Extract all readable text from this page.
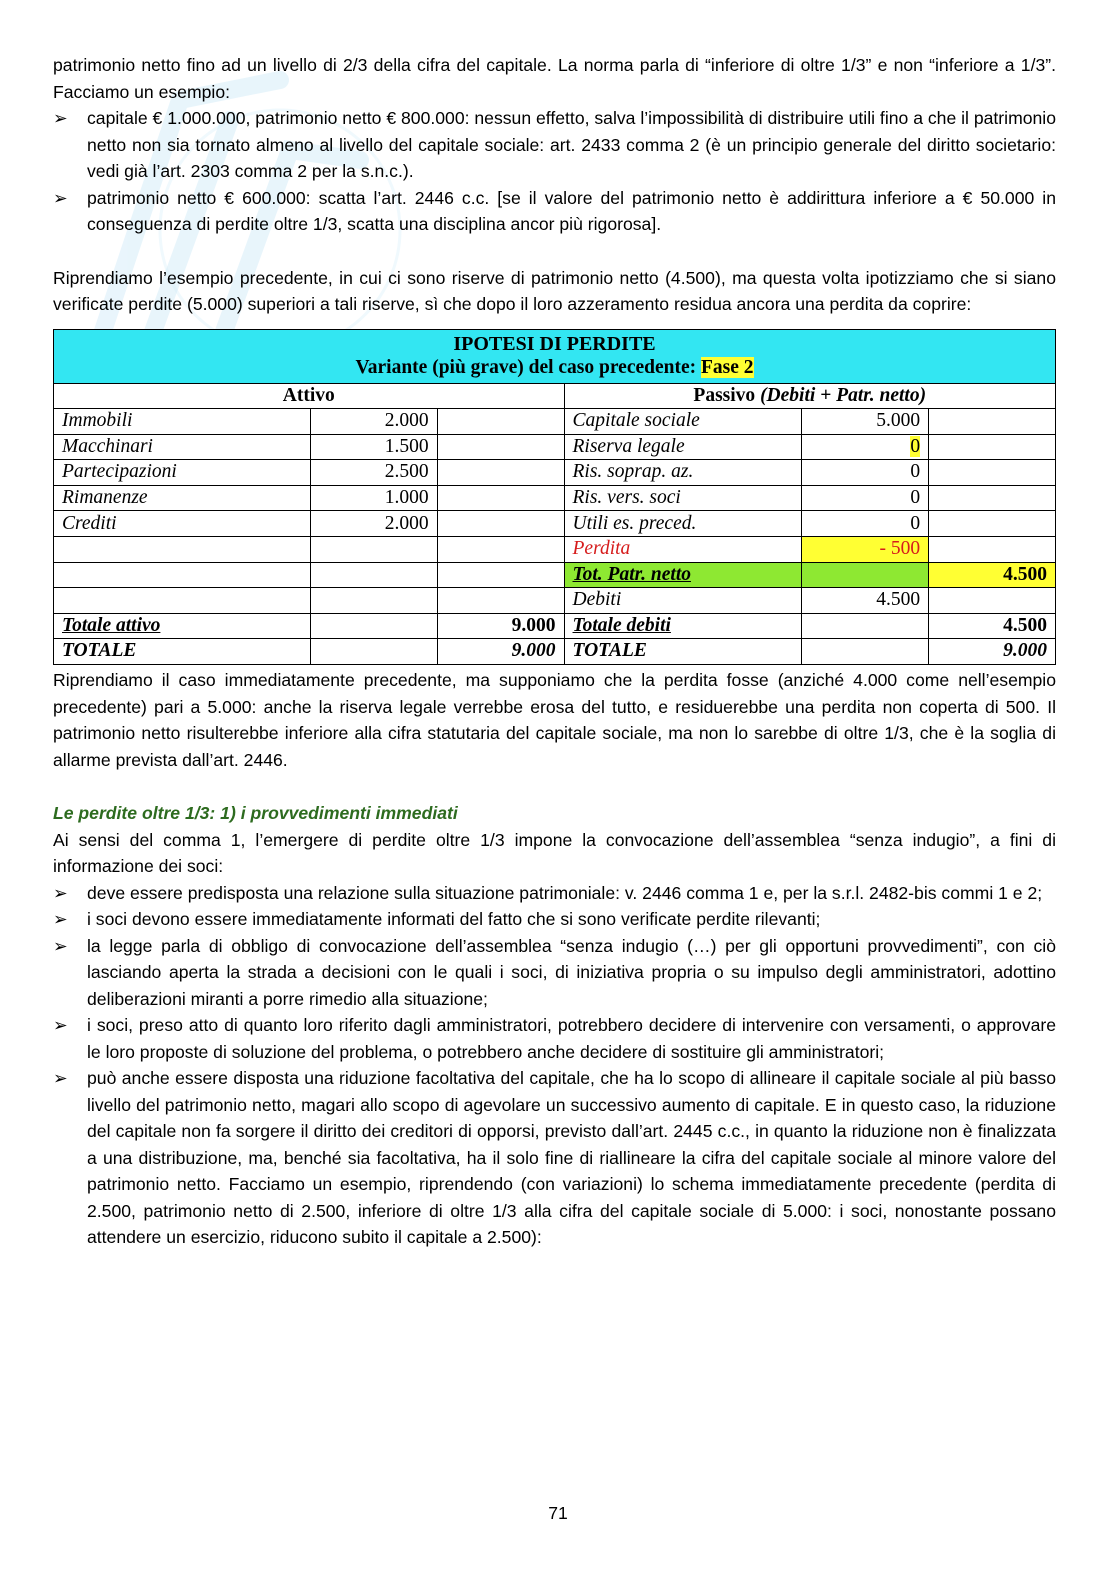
patrimonio netto fino ad un livello di 2/3 della cifra del capitale. La norma parla di “inferiore di oltre 1/3” e non “inferiore a 1/3”. Facciamo un esempio:

➢ capitale € 1.000.000, patrimonio netto € 800.000: nessun effetto, salva l’impossibilità di distribuire utili fino a che il patrimonio netto non sia tornato almeno al livello del capitale sociale: art. 2433 comma 2 (è un principio generale del diritto societario: vedi già l’art. 2303 comma 2 per la s.n.c.).
➢ patrimonio netto € 600.000: scatta l’art. 2446 c.c. [se il valore del patrimonio netto è addirittura inferiore a € 50.000 in conseguenza di perdite oltre 1/3, scatta una disciplina ancor più rigorosa].

Riprendiamo l’esempio precedente, in cui ci sono riserve di patrimonio netto (4.500), ma questa volta ipotizziamo che si siano verificate perdite (5.000) superiori a tali riserve, sì che dopo il loro azzeramento residua ancora una perdita da coprire:

IPOTESI DI PERDITE
Variante (più grave) del caso precedente: Fase 2					

Attivo			Passivo (Debiti + Patr. netto)		
Immobili	2.000		Capitale sociale	5.000	
Macchinari	1.500		Riserva legale	0	
Partecipazioni	2.500		Ris. soprap. az.	0	
Rimanenze	1.000		Ris. vers. soci	0	
Crediti	2.000		Utili es. preced.	0	
			Perdita	- 500	
			Tot. Patr. netto		4.500
			Debiti	4.500	
Totale attivo		9.000	Totale debiti		4.500
TOTALE		9.000	TOTALE		9.000

Riprendiamo il caso immediatamente precedente, ma supponiamo che la perdita fosse (anziché 4.000 come nell’esempio precedente) pari a 5.000: anche la riserva legale verrebbe erosa del tutto, e residuerebbe una perdita non coperta di 500. Il patrimonio netto risulterebbe inferiore alla cifra statutaria del capitale sociale, ma non lo sarebbe di oltre 1/3, che è la soglia di allarme prevista dall’art. 2446.

Le perdite oltre 1/3: 1) i provvedimenti immediati

Ai sensi del comma 1, l’emergere di perdite oltre 1/3 impone la convocazione dell’assemblea “senza indugio”, a fini di informazione dei soci:

➢ deve essere predisposta una relazione sulla situazione patrimoniale: v. 2446 comma 1 e, per la s.r.l. 2482-bis commi 1 e 2;
➢ i soci devono essere immediatamente informati del fatto che si sono verificate perdite rilevanti;
➢ la legge parla di obbligo di convocazione dell’assemblea “senza indugio (…) per gli opportuni provvedimenti”, con ciò lasciando aperta la strada a decisioni con le quali i soci, di iniziativa propria o su impulso degli amministratori, adottino deliberazioni miranti a porre rimedio alla situazione;
➢ i soci, preso atto di quanto loro riferito dagli amministratori, potrebbero decidere di intervenire con versamenti, o approvare le loro proposte di soluzione del problema, o potrebbero anche decidere di sostituire gli amministratori;
➢ può anche essere disposta una riduzione facoltativa del capitale, che ha lo scopo di allineare il capitale sociale al più basso livello del patrimonio netto, magari allo scopo di agevolare un successivo aumento di capitale. E in questo caso, la riduzione del capitale non fa sorgere il diritto dei creditori di opporsi, previsto dall’art. 2445 c.c., in quanto la riduzione non è finalizzata a una distribuzione, ma, benché sia facoltativa, ha il solo fine di riallineare la cifra del capitale sociale al minore valore del patrimonio netto. Facciamo un esempio, riprendendo (con variazioni) lo schema immediatamente precedente (perdita di 2.500, patrimonio netto di 2.500, inferiore di oltre 1/3 alla cifra del capitale sociale di 5.000: i soci, nonostante possano attendere un esercizio, riducono subito il capitale a 2.500):
71
